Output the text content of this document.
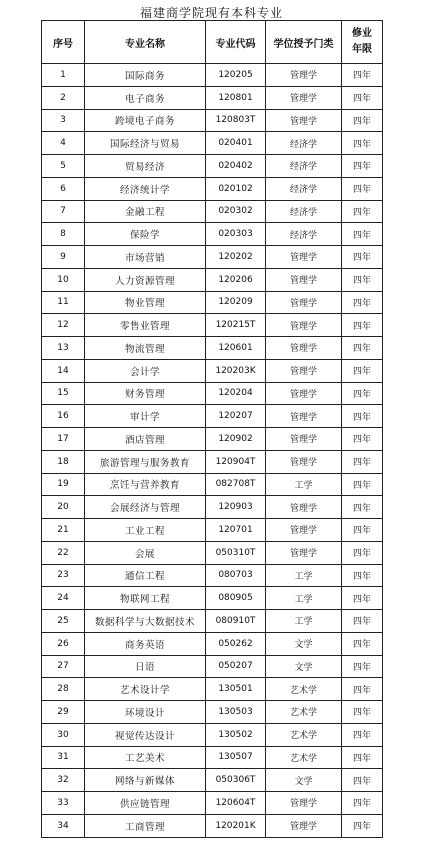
福建商学院现有本科专业
序号	专业名称	专业代码	学位授予门类	修业
年限
1	国际商务	120205	管理学	四年
2	电子商务	120801	管理学	四年
3	跨境电子商务	120803T	管理学	四年
4	国际经济与贸易	020401	经济学	四年
5	贸易经济	020402	经济学	四年
6	经济统计学	020102	经济学	四年
7	金融工程	020302	经济学	四年
8	保险学	020303	经济学	四年
9	市场营销	120202	管理学	四年
10	人力资源管理	120206	管理学	四年
11	物业管理	120209	管理学	四年
12	零售业管理	120215T	管理学	四年
13	物流管理	120601	管理学	四年
14	会计学	120203K	管理学	四年
15	财务管理	120204	管理学	四年
16	审计学	120207	管理学	四年
17	酒店管理	120902	管理学	四年
18	旅游管理与服务教育	120904T	管理学	四年
19	烹饪与营养教育	082708T	工学	四年
20	会展经济与管理	120903	管理学	四年
21	工业工程	120701	管理学	四年
22	会展	050310T	管理学	四年
23	通信工程	080703	工学	四年
24	物联网工程	080905	工学	四年
25	数据科学与大数据技术	080910T	工学	四年
26	商务英语	050262	文学	四年
27	日语	050207	文学	四年
28	艺术设计学	130501	艺术学	四年
29	环境设计	130503	艺术学	四年
30	视觉传达设计	130502	艺术学	四年
31	工艺美术	130507	艺术学	四年
32	网络与新媒体	050306T	文学	四年
33	供应链管理	120604T	管理学	四年
34	工商管理	120201K	管理学	四年
